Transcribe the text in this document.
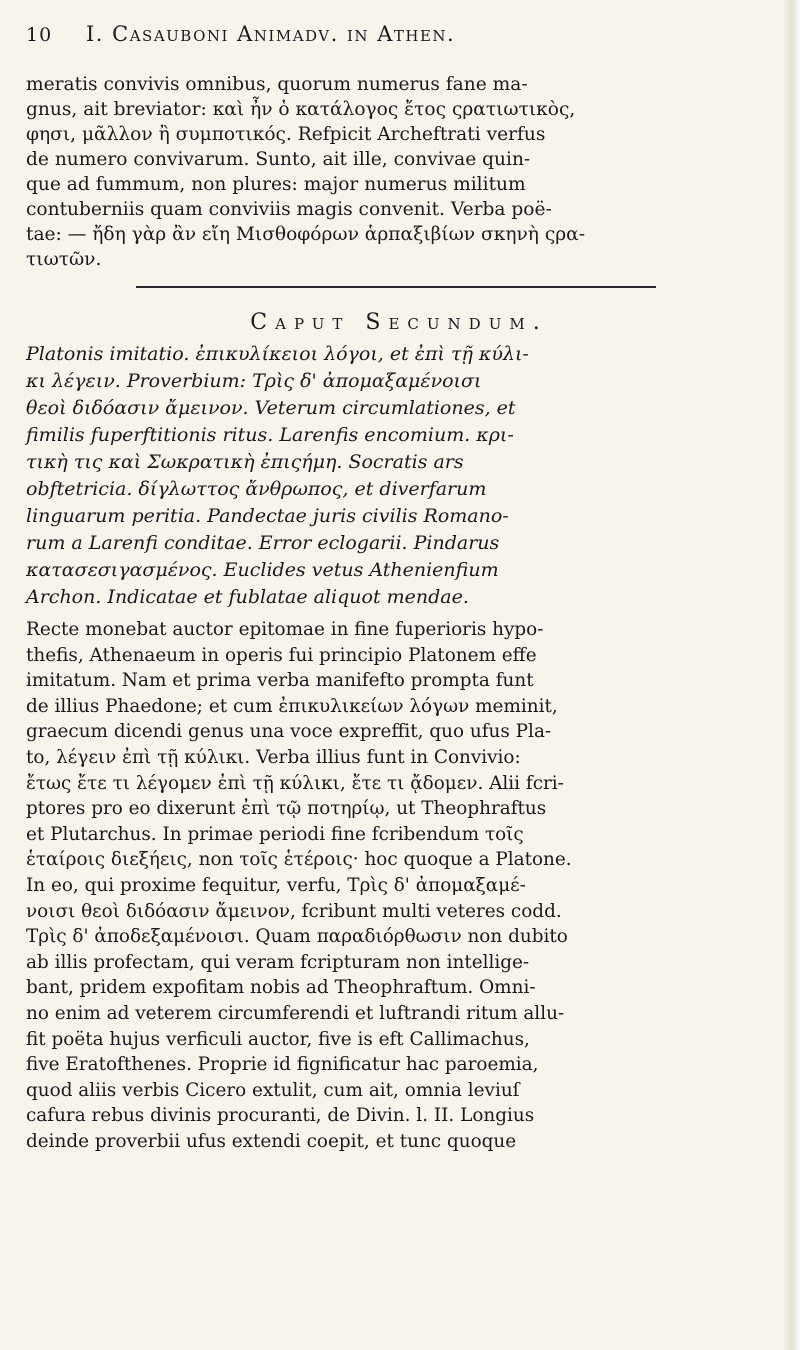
10	I. Casauboni Animadv. in Athen.
meratis convivis omnibus, quorum numerus fane ma-
gnus, ait breviator: καὶ ἦν ὁ κατάλογος ἔτος ςρατιωτικὸς,
φησι, μᾶλλον ἢ συμποτικός. Refpicit Archeftrati verfus
de numero convivarum. Sunto, ait ille, convivae quin-
que ad fummum, non plures: major numerus militum
contuberniis quam conviviis magis convenit. Verba poë-
tae: — ἤδη γὰρ ἂν εἴη Μισθοφόρων ἁρπαξιβίων σκηνὴ ςρα-
τιωτῶν.
Caput Secundum.
Platonis imitatio. ἐπικυλίκειοι λόγοι, et ἐπὶ τῇ κύλι-
κι λέγειν. Proverbium: Τρὶς δ' ἀπομαξαμένοισι
θεοὶ διδόασιν ἄμεινον. Veterum circumlationes, et
fimilis fuperftitionis ritus. Larenfis encomium. κρι-
τικὴ τις καὶ Σωκρατικὴ ἐπιςήμη. Socratis ars
obftetricia. δίγλωττος ἄνθρωπος, et diverfarum
linguarum peritia. Pandectae juris civilis Romano-
rum a Larenfi conditae. Error eclogarii. Pindarus
κατασεσιγασμένος. Euclides vetus Athenienfium
Archon. Indicatae et fublatae aliquot mendae.
Recte monebat auctor epitomae in fine fuperioris hypo-
thefis, Athenaeum in operis fui principio Platonem effe
imitatum. Nam et prima verba manifefto prompta funt
de illius Phaedone; et cum ἐπικυλικείων λόγων meminit,
graecum dicendi genus una voce expreffit, quo ufus Pla-
to, λέγειν ἐπὶ τῇ κύλικι. Verba illius funt in Convivio:
ἔτως ἔτε τι λέγομεν ἐπὶ τῇ κύλικι, ἔτε τι ᾄδομεν. Alii fcri-
ptores pro eo dixerunt ἐπὶ τῷ ποτηρίῳ, ut Theophraftus
et Plutarchus. In primae periodi fine fcribendum τοῖς
ἑταίροις διεξήεις, non τοῖς ἑτέροις· hoc quoque a Platone.
In eo, qui proxime fequitur, verfu, Τρὶς δ' ἀπομαξαμέ-
νοισι θεοὶ διδόασιν ἄμεινον, fcribunt multi veteres codd.
Τρὶς δ' ἀποδεξαμένοισι. Quam παραδιόρθωσιν non dubito
ab illis profectam, qui veram fcripturam non intellige-
bant, pridem expofitam nobis ad Theophraftum. Omni-
no enim ad veterem circumferendi et luftrandi ritum allu-
fit poëta hujus verficuli auctor, five is eft Callimachus,
five Eratofthenes. Proprie id fignificatur hac paroemia,
quod aliis verbis Cicero extulit, cum ait, omnia leviuſ
cafura rebus divinis procuranti, de Divin. l. II. Longius
deinde proverbii ufus extendi coepit, et tunc quoque
